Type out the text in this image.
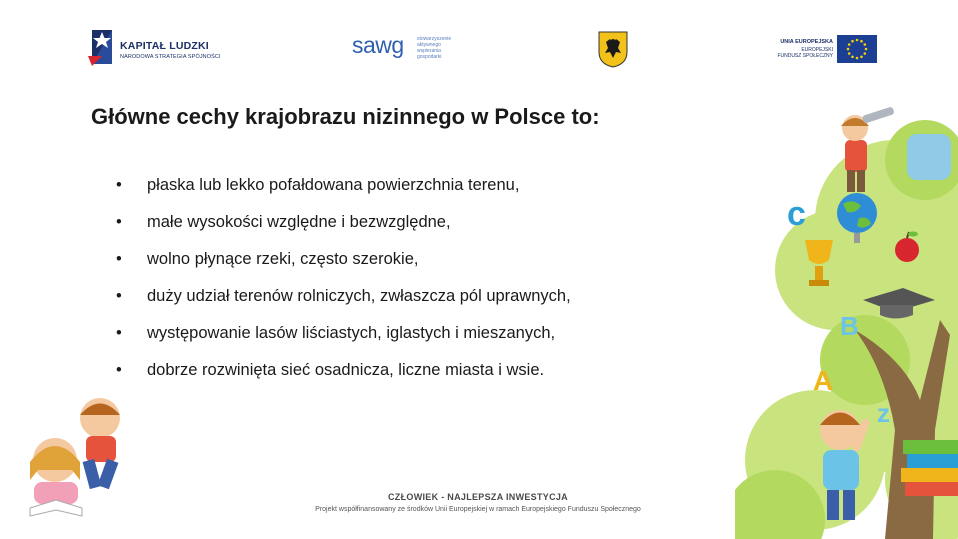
KAPITAŁ LUDZKI
NARODOWA STRATEGIA SPÓJNOŚCI	sawg	stowarzyszenie
aktywnego
wspierania
gospodarki
UNIA EUROPEJSKA
EUROPEJSKI
FUNDUSZ SPOŁECZNY
Główne cechy krajobrazu nizinnego w Polsce to:
•	płaska lub lekko pofałdowana powierzchnia terenu,
•	małe wysokości względne i bezwzględne,
•	wolno płynące rzeki, często szerokie,
•	duży udział terenów rolniczych, zwłaszcza pól uprawnych,
•	występowanie lasów liściastych, iglastych i mieszanych,
•	dobrze rozwinięta sieć osadnicza, liczne miasta i wsie.
c
B
A
z
CZŁOWIEK - NAJLEPSZA INWESTYCJA
Projekt współfinansowany ze środków Unii Europejskiej w ramach Europejskiego Funduszu Społecznego
